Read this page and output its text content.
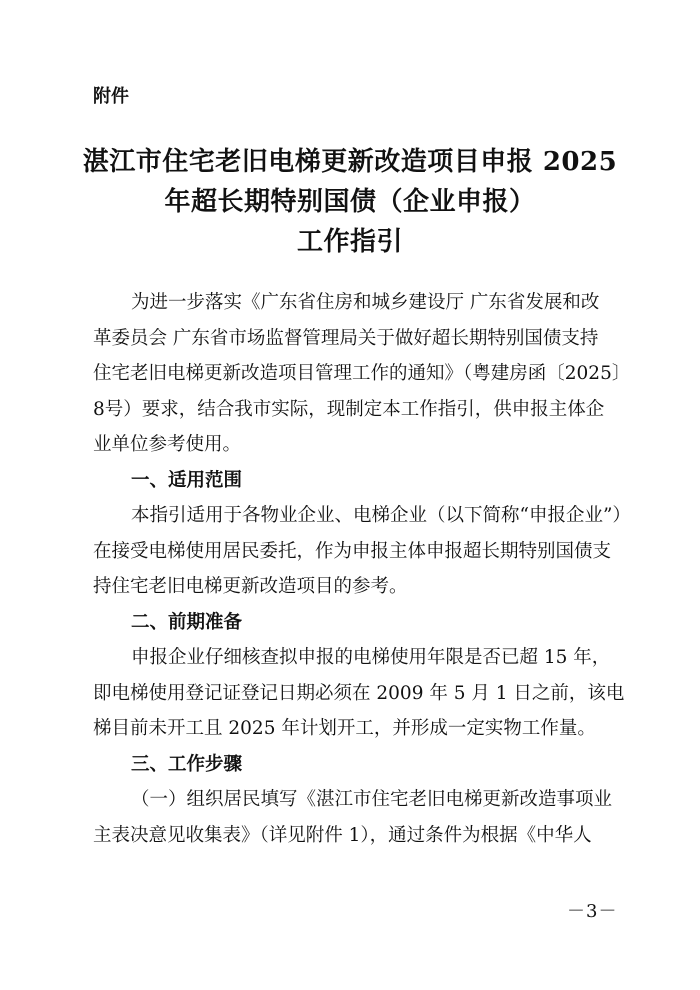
附件
湛江市住宅老旧电梯更新改造项目申报 2025
年超长期特别国债（企业申报）
工作指引

为进一步落实《广东省住房和城乡建设厅 广东省发展和改
革委员会 广东省市场监督管理局关于做好超长期特别国债支持
住宅老旧电梯更新改造项目管理工作的通知》（粤建房函〔2025〕
8号）要求，结合我市实际，现制定本工作指引，供申报主体企
业单位参考使用。

一、适用范围

本指引适用于各物业企业、电梯企业（以下简称“申报企业”）
在接受电梯使用居民委托，作为申报主体申报超长期特别国债支
持住宅老旧电梯更新改造项目的参考。

二、前期准备

申报企业仔细核查拟申报的电梯使用年限是否已超 15 年，
即电梯使用登记证登记日期必须在 2009 年 5 月 1 日之前，该电
梯目前未开工且 2025 年计划开工，并形成一定实物工作量。

三、工作步骤

（一）组织居民填写《湛江市住宅老旧电梯更新改造事项业
主表决意见收集表》（详见附件 1），通过条件为根据《中华人

－3－
